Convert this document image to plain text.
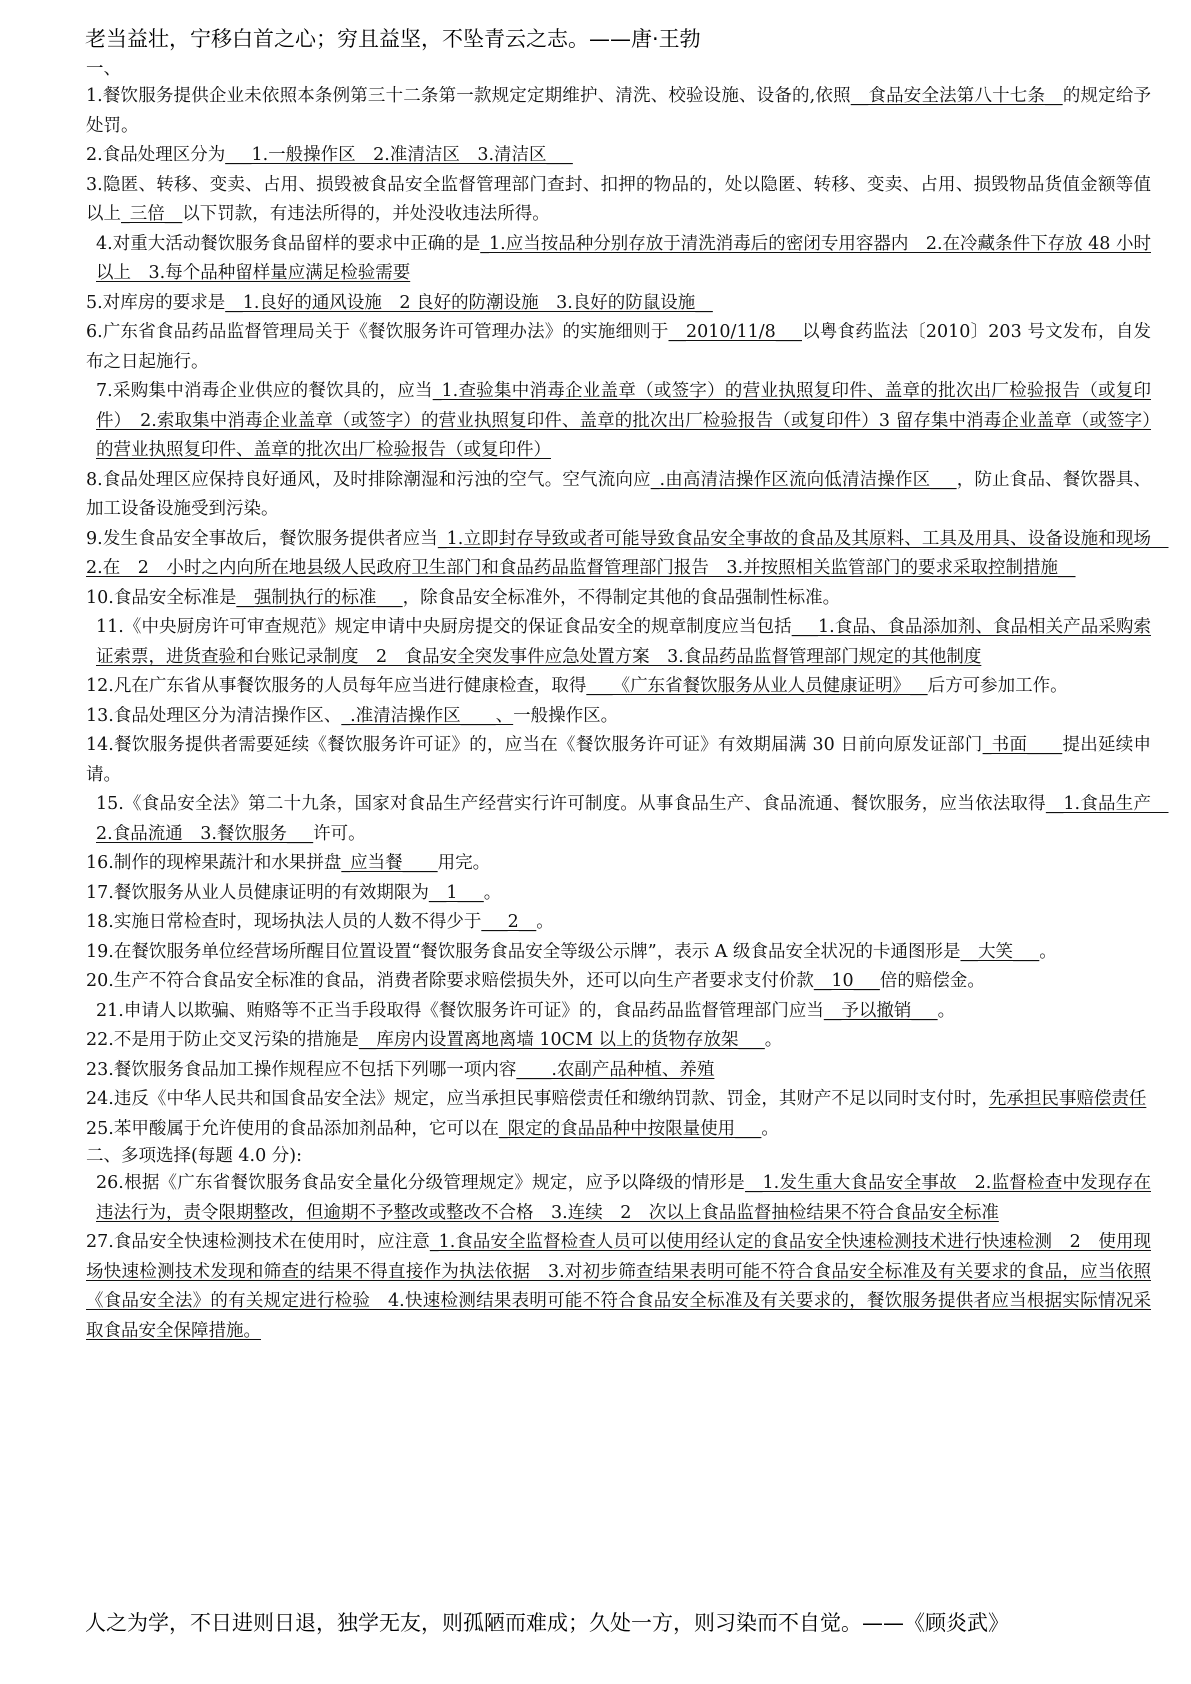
老当益壮，宁移白首之心；穷且益坚，不坠青云之志。——唐·王勃

一、

1.餐饮服务提供企业未依照本条例第三十二条第一款规定定期维护、清洗、校验设施、设备的,依照__食品安全法第八十七条__的规定给予处罚。

2.食品处理区分为___1.一般操作区　2.准清洁区　3.清洁区___

3.隐匿、转移、变卖、占用、损毁被食品安全监督管理部门查封、扣押的物品的，处以隐匿、转移、变卖、占用、损毁物品货值金额等值以上_三倍__以下罚款，有违法所得的，并处没收违法所得。

4.对重大活动餐饮服务食品留样的要求中正确的是_1.应当按品种分别存放于清洗消毒后的密闭专用容器内　2.在冷藏条件下存放 48 小时以上　3.每个品种留样量应满足检验需要

5.对库房的要求是__1.良好的通风设施　2 良好的防潮设施　3.良好的防鼠设施__

6.广东省食品药品监督管理局关于《餐饮服务许可管理办法》的实施细则于__2010/11/8___以粤食药监法〔2010〕203 号文发布，自发布之日起施行。

7.采购集中消毒企业供应的餐饮具的，应当_1.查验集中消毒企业盖章（或签字）的营业执照复印件、盖章的批次出厂检验报告（或复印件）　2.索取集中消毒企业盖章（或签字）的营业执照复印件、盖章的批次出厂检验报告（或复印件）3 留存集中消毒企业盖章（或签字）的营业执照复印件、盖章的批次出厂检验报告（或复印件）

8.食品处理区应保持良好通风，及时排除潮湿和污浊的空气。空气流向应_.由高清洁操作区流向低清洁操作区___，防止食品、餐饮器具、加工设备设施受到污染。

9.发生食品安全事故后，餐饮服务提供者应当_1.立即封存导致或者可能导致食品安全事故的食品及其原料、工具及用具、设备设施和现场　2.在　2　小时之内向所在地县级人民政府卫生部门和食品药品监督管理部门报告　3.并按照相关监管部门的要求采取控制措施__

10.食品安全标准是__强制执行的标准___，除食品安全标准外，不得制定其他的食品强制性标准。

11.《中央厨房许可审查规范》规定申请中央厨房提交的保证食品安全的规章制度应当包括___1.食品、食品添加剂、食品相关产品采购索证索票，进货查验和台账记录制度　2　食品安全突发事件应急处置方案　3.食品药品监督管理部门规定的其他制度

12.凡在广东省从事餐饮服务的人员每年应当进行健康检查，取得___《广东省餐饮服务从业人员健康证明》__后方可参加工作。

13.食品处理区分为清洁操作区、_.准清洁操作区____、一般操作区。

14.餐饮服务提供者需要延续《餐饮服务许可证》的，应当在《餐饮服务许可证》有效期届满 30 日前向原发证部门_书面____提出延续申请。

15.《食品安全法》第二十九条，国家对食品生产经营实行许可制度。从事食品生产、食品流通、餐饮服务，应当依法取得__1.食品生产　2.食品流通　3.餐饮服务___许可。

16.制作的现榨果蔬汁和水果拼盘_应当餐____用完。

17.餐饮服务从业人员健康证明的有效期限为__1___。

18.实施日常检查时，现场执法人员的人数不得少于___2__。

19.在餐饮服务单位经营场所醒目位置设置“餐饮服务食品安全等级公示牌”，表示 A 级食品安全状况的卡通图形是__大笑___。

20.生产不符合食品安全标准的食品，消费者除要求赔偿损失外，还可以向生产者要求支付价款__10___倍的赔偿金。

21.申请人以欺骗、贿赂等不正当手段取得《餐饮服务许可证》的，食品药品监督管理部门应当__予以撤销___。

22.不是用于防止交叉污染的措施是__库房内设置离地离墙 10CM 以上的货物存放架___。

23.餐饮服务食品加工操作规程应不包括下列哪一项内容____.农副产品种植、养殖

24.违反《中华人民共和国食品安全法》规定，应当承担民事赔偿责任和缴纳罚款、罚金，其财产不足以同时支付时，先承担民事赔偿责任

25.苯甲酸属于允许使用的食品添加剂品种，它可以在_限定的食品品种中按限量使用___。

二、多项选择(每题 4.0 分):

26.根据《广东省餐饮服务食品安全量化分级管理规定》规定，应予以降级的情形是__1.发生重大食品安全事故　2.监督检查中发现存在违法行为，责令限期整改，但逾期不予整改或整改不合格　3.连续　2　次以上食品监督抽检结果不符合食品安全标准

27.食品安全快速检测技术在使用时，应注意_1.食品安全监督检查人员可以使用经认定的食品安全快速检测技术进行快速检测　2　使用现场快速检测技术发现和筛查的结果不得直接作为执法依据　3.对初步筛查结果表明可能不符合食品安全标准及有关要求的食品，应当依照《食品安全法》的有关规定进行检验　4.快速检测结果表明可能不符合食品安全标准及有关要求的，餐饮服务提供者应当根据实际情况采取食品安全保障措施。

人之为学，不日进则日退，独学无友，则孤陋而难成；久处一方，则习染而不自觉。——《顾炎武》
